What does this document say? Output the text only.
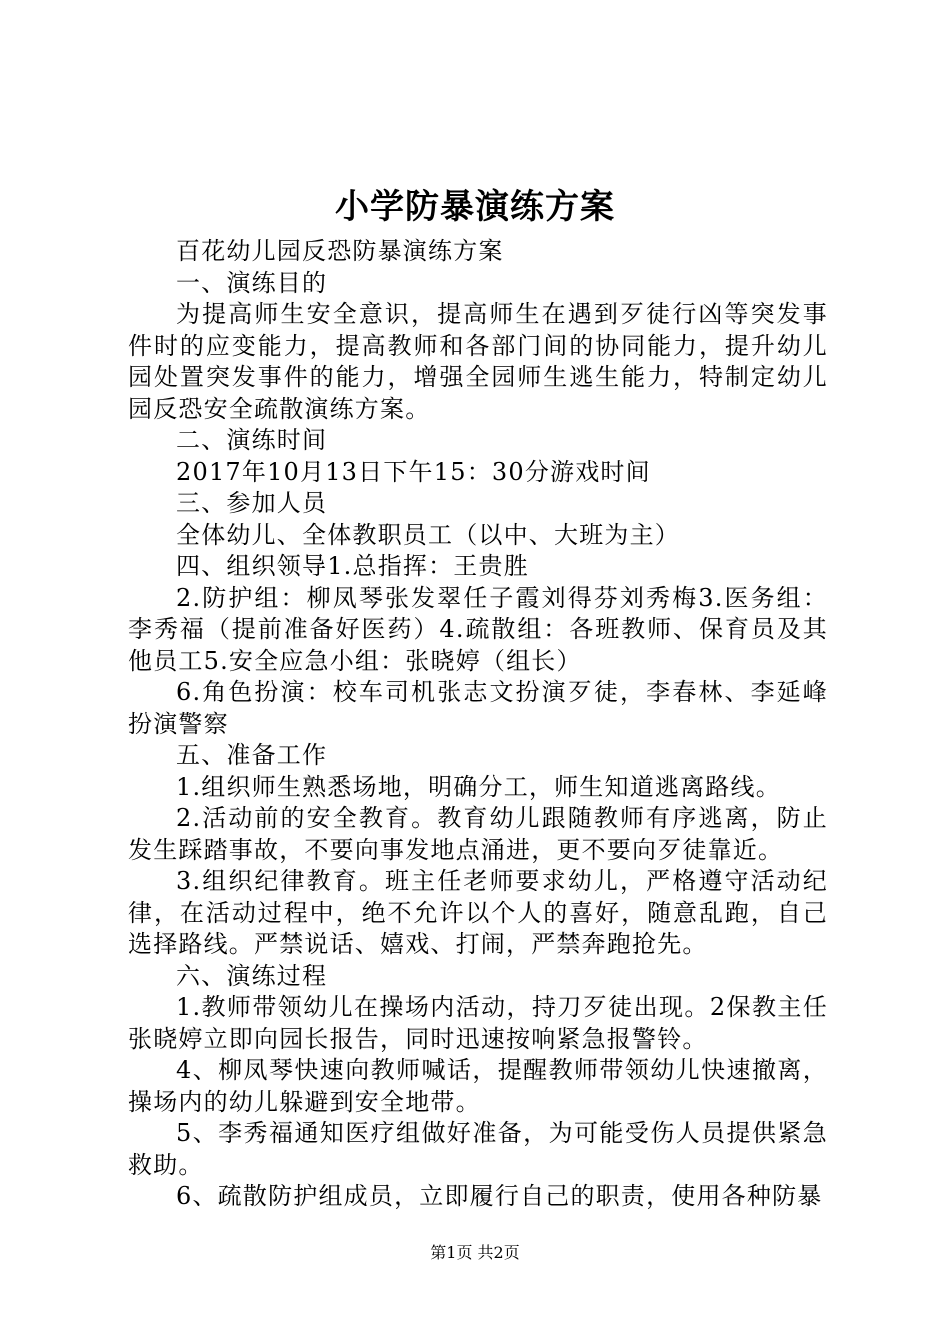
小学防暴演练方案

百花幼儿园反恐防暴演练方案

一、演练目的

为提高师生安全意识，提高师生在遇到歹徒行凶等突发事件时的应变能力，提高教师和各部门间的协同能力，提升幼儿园处置突发事件的能力，增强全园师生逃生能力，特制定幼儿园反恐安全疏散演练方案。

二、演练时间

2017年10月13日下午15：30分游戏时间

三、参加人员

全体幼儿、全体教职员工（以中、大班为主）

四、组织领导1.总指挥：王贵胜

2.防护组：柳凤琴张发翠任子霞刘得芬刘秀梅3.医务组：李秀福（提前准备好医药）4.疏散组：各班教师、保育员及其他员工5.安全应急小组：张晓婷（组长）

6.角色扮演：校车司机张志文扮演歹徒，李春林、李延峰扮演警察

五、准备工作

1.组织师生熟悉场地，明确分工，师生知道逃离路线。

2.活动前的安全教育。教育幼儿跟随教师有序逃离，防止发生踩踏事故，不要向事发地点涌进，更不要向歹徒靠近。

3.组织纪律教育。班主任老师要求幼儿，严格遵守活动纪律，在活动过程中，绝不允许以个人的喜好，随意乱跑，自己选择路线。严禁说话、嬉戏、打闹，严禁奔跑抢先。

六、演练过程

1.教师带领幼儿在操场内活动，持刀歹徒出现。2保教主任张晓婷立即向园长报告，同时迅速按响紧急报警铃。

4、柳凤琴快速向教师喊话，提醒教师带领幼儿快速撤离，操场内的幼儿躲避到安全地带。

5、李秀福通知医疗组做好准备，为可能受伤人员提供紧急救助。

6、疏散防护组成员，立即履行自己的职责，使用各种防暴

第1页 共2页
